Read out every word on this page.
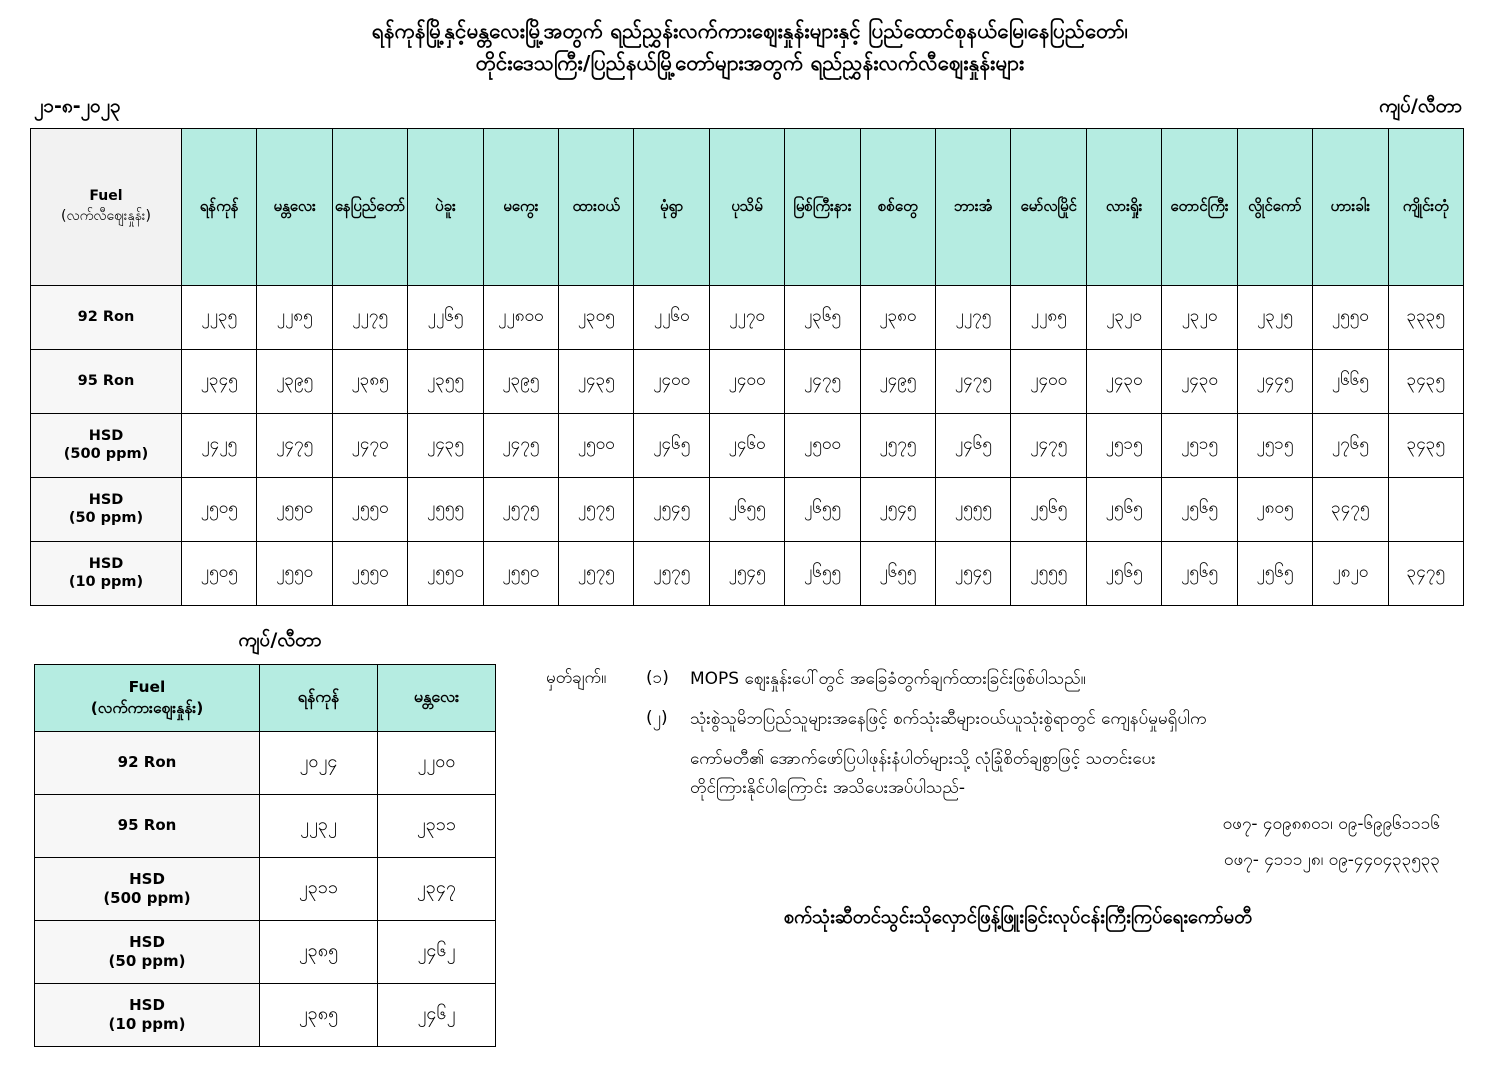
ရန်ကုန်မြို့နှင့်မန္တလေးမြို့အတွက် ရည်ညွှန်းလက်ကားဈေးနှုန်းများနှင့် ပြည်ထောင်စုနယ်မြေ၊နေပြည်တော်၊
တိုင်းဒေသကြီး/ပြည်နယ်မြို့တော်များအတွက် ရည်ညွှန်းလက်လီဈေးနှုန်းများ
၂၁-၈-၂၀၂၃	ကျပ်/လီတာ
Fuel
(လက်လီဈေးနှုန်း)	ရန်ကုန်	မန္တလေး	နေပြည်တော်	ပဲခူး	မကွေး	ထားဝယ်	မုံရွာ	ပုသိမ်	မြစ်ကြီးနား	စစ်တွေ	ဘားအံ	မော်လမြိုင်	လားရှိုး	တောင်ကြီး	လွိုင်ကော်	ဟားခါး	ကျိုင်းတုံ
92 Ron	၂၂၃၅	၂၂၈၅	၂၂၇၅	၂၂၆၅	၂၂၈၀၀	၂၃၀၅	၂၂၆၀	၂၂၇၀	၂၃၆၅	၂၃၈၀	၂၂၇၅	၂၂၈၅	၂၃၂၀	၂၃၂၀	၂၃၂၅	၂၅၅၀	၃၃၃၅
95 Ron	၂၃၄၅	၂၃၉၅	၂၃၈၅	၂၃၅၅	၂၃၉၅	၂၄၃၅	၂၄၀၀	၂၄၀၀	၂၄၇၅	၂၄၉၅	၂၄၇၅	၂၄၀၀	၂၄၃၀	၂၄၃၀	၂၄၄၅	၂၆၆၅	၃၄၃၅
HSD
(500 ppm)	၂၄၂၅	၂၄၇၅	၂၄၇၀	၂၄၃၅	၂၄၇၅	၂၅၀၀	၂၄၆၅	၂၄၆၀	၂၅၀၀	၂၅၇၅	၂၄၆၅	၂၄၇၅	၂၅၁၅	၂၅၁၅	၂၅၁၅	၂၇၆၅	၃၄၃၅
HSD
(50 ppm)	၂၅၀၅	၂၅၅၀	၂၅၅၀	၂၅၅၅	၂၅၇၅	၂၅၇၅	၂၅၄၅	၂၆၅၅	၂၆၅၅	၂၅၄၅	၂၅၅၅	၂၅၆၅	၂၅၆၅	၂၅၆၅	၂၈၀၅	၃၄၇၅	
HSD
(10 ppm)	၂၅၀၅	၂၅၅၀	၂၅၅၀	၂၅၅၀	၂၅၅၀	၂၅၇၅	၂၅၇၅	၂၅၄၅	၂၆၅၅	၂၆၅၅	၂၅၄၅	၂၅၅၅	၂၅၆၅	၂၅၆၅	၂၅၆၅	၂၈၂၀	၃၄၇၅
ကျပ်/လီတာ
Fuel
(လက်ကားဈေးနှုန်း)	ရန်ကုန်	မန္တလေး
92 Ron	၂၀၂၄	၂၂၀၀
95 Ron	၂၂၃၂	၂၃၁၁
HSD
(500 ppm)	၂၃၁၁	၂၃၄၇
HSD
(50 ppm)	၂၃၈၅	၂၄၆၂
HSD
(10 ppm)	၂၃၈၅	၂၄၆၂
မှတ်ချက်။	(၁)	MOPS ဈေးနှုန်းပေါ်တွင် အခြေခံတွက်ချက်ထားခြင်းဖြစ်ပါသည်။
(၂)	သုံးစွဲသူမိဘပြည်သူများအနေဖြင့် စက်သုံးဆီများဝယ်ယူသုံးစွဲရာတွင် ကျေနပ်မှုမရှိပါက
ကော်မတီ၏ အောက်ဖော်ပြပါဖုန်းနံပါတ်များသို့ လုံခြုံစိတ်ချစွာဖြင့် သတင်းပေး
တိုင်ကြားနိုင်ပါကြောင်း အသိပေးအပ်ပါသည်-
ဝဖ၇- ၄၀၉၈၈၀၁၊ ဝ၉-၆၉၉၆၁၁၁၆
ဝဖ၇- ၄၁၁၁၂၈၊ ဝ၉-၄၄၀၄၃၃၅၃၃
စက်သုံးဆီတင်သွင်းသိုလှောင်ဖြန့်ဖြူးခြင်းလုပ်ငန်းကြီးကြပ်ရေးကော်မတီ
